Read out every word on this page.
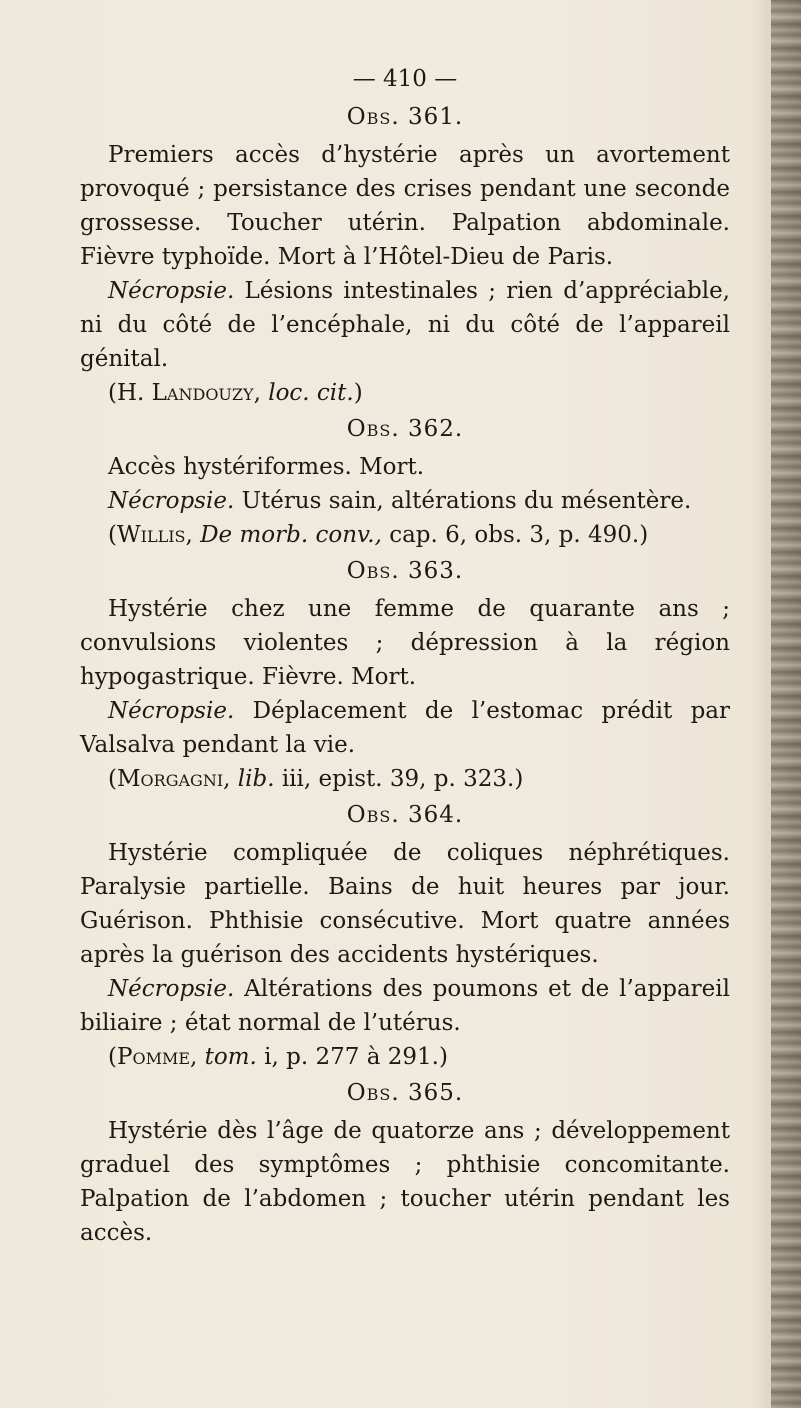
— 410 —
Obs. 361.

Premiers accès d’hystérie après un avortement provoqué ; persistance des crises pendant une seconde grossesse. Toucher utérin. Palpation abdominale. Fièvre typhoïde. Mort à l’Hôtel-Dieu de Paris.

Nécropsie. Lésions intestinales ; rien d’appréciable, ni du côté de l’encéphale, ni du côté de l’appareil génital.

(H. Landouzy, loc. cit.)

Obs. 362.

Accès hystériformes. Mort.

Nécropsie. Utérus sain, altérations du mésentère.

(Willis, De morb. conv., cap. 6, obs. 3, p. 490.)

Obs. 363.

Hystérie chez une femme de quarante ans ; convulsions violentes ; dépression à la région hypogastrique. Fièvre. Mort.

Nécropsie. Déplacement de l’estomac prédit par Valsalva pendant la vie.

(Morgagni, lib. iii, epist. 39, p. 323.)

Obs. 364.

Hystérie compliquée de coliques néphrétiques. Paralysie partielle. Bains de huit heures par jour. Guérison. Phthisie consécutive. Mort quatre années après la guérison des accidents hystériques.

Nécropsie. Altérations des poumons et de l’appareil biliaire ; état normal de l’utérus.

(Pomme, tom. i, p. 277 à 291.)

Obs. 365.

Hystérie dès l’âge de quatorze ans ; développement graduel des symptômes ; phthisie concomitante. Palpation de l’abdomen ; toucher utérin pendant les accès.
